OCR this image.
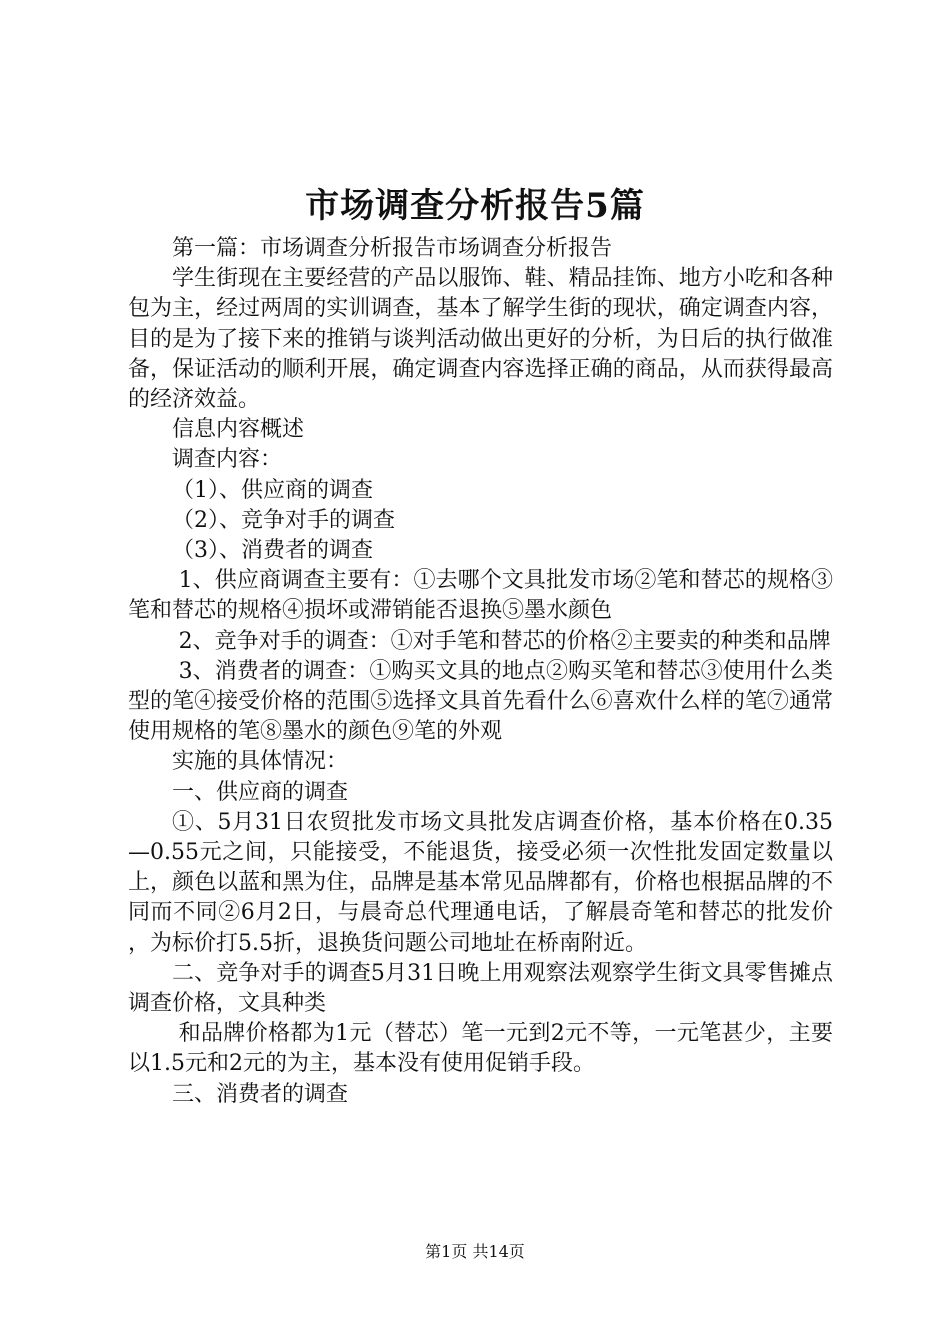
市场调查分析报告5篇

第一篇：市场调查分析报告市场调查分析报告

学生街现在主要经营的产品以服饰、鞋、精品挂饰、地方小吃和各种包为主，经过两周的实训调查，基本了解学生街的现状，确定调查内容，目的是为了接下来的推销与谈判活动做出更好的分析，为日后的执行做准备，保证活动的顺利开展，确定调查内容选择正确的商品，从而获得最高的经济效益。

信息内容概述

调查内容：

（1）、供应商的调查

（2）、竞争对手的调查

（3）、消费者的调查

1、供应商调查主要有：①去哪个文具批发市场②笔和替芯的规格③笔和替芯的规格④损坏或滞销能否退换⑤墨水颜色

2、竞争对手的调查：①对手笔和替芯的价格②主要卖的种类和品牌

3、消费者的调查：①购买文具的地点②购买笔和替芯③使用什么类型的笔④接受价格的范围⑤选择文具首先看什么⑥喜欢什么样的笔⑦通常使用规格的笔⑧墨水的颜色⑨笔的外观

实施的具体情况：

一、供应商的调查

①、5月31日农贸批发市场文具批发店调查价格，基本价格在0.35—0.55元之间，只能接受，不能退货，接受必须一次性批发固定数量以上，颜色以蓝和黑为住，品牌是基本常见品牌都有，价格也根据品牌的不同而不同②6月2日，与晨奇总代理通电话，了解晨奇笔和替芯的批发价，为标价打5.5折，退换货问题公司地址在桥南附近。

二、竞争对手的调查5月31日晚上用观察法观察学生街文具零售摊点调查价格，文具种类

和品牌价格都为1元（替芯）笔一元到2元不等，一元笔甚少，主要以1.5元和2元的为主，基本没有使用促销手段。

三、消费者的调查

第1页 共14页
